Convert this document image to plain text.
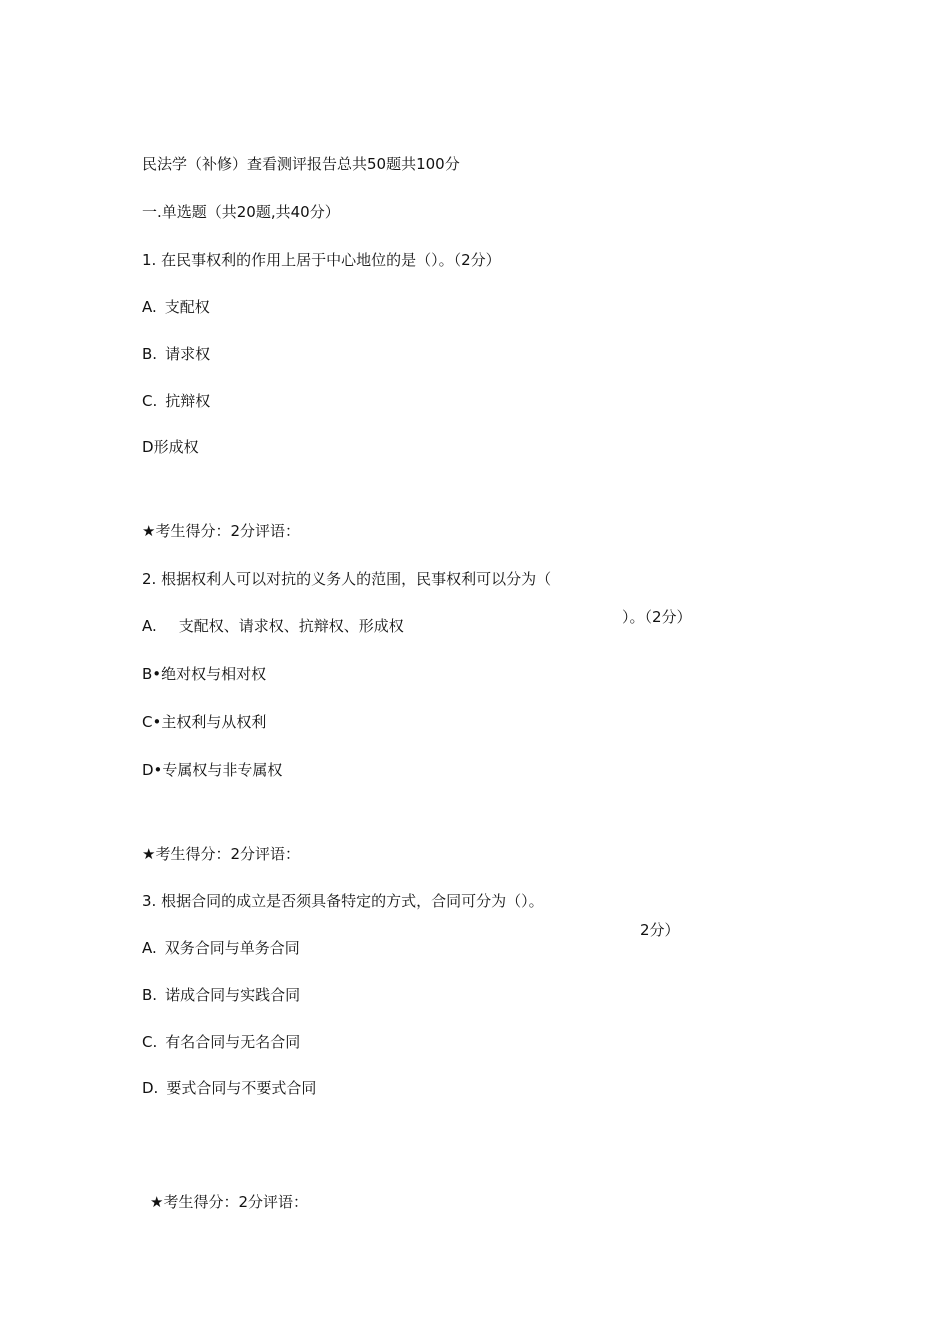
民法学（补修）查看测评报告总共50题共100分
一.单选题（共20题,共40分）
1. 在民事权利的作用上居于中心地位的是（）。（2分）
A. 支配权
B. 请求权
C. 抗辩权
D形成权
★考生得分：2分评语：
2. 根据权利人可以对抗的义务人的范围，民事权利可以分为（
）。（2分）
A. 支配权、请求权、抗辩权、形成权
B•绝对权与相对权
C•主权利与从权利
D•专属权与非专属权
★考生得分：2分评语：
3. 根据合同的成立是否须具备特定的方式，合同可分为（）。
2分）
A. 双务合同与单务合同
B. 诺成合同与实践合同
C. 有名合同与无名合同
D. 要式合同与不要式合同
★考生得分：2分评语：
